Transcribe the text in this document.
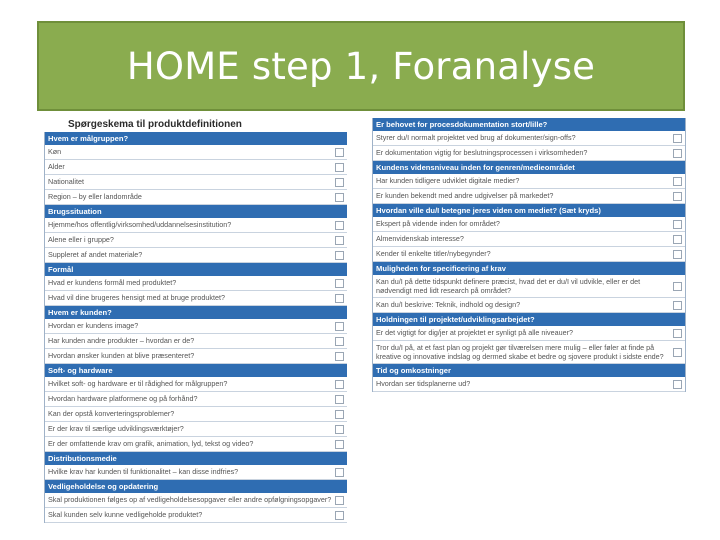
HOME step 1, Foranalyse
Spørgeskema til produktdefinitionen
Hvem er målgruppen?
Køn
Alder
Nationalitet
Region – by eller landområde
Brugssituation
Hjemme/hos offentlig/virksomhed/uddannelsesinstitution?
Alene eller i gruppe?
Suppleret af andet materiale?
Formål
Hvad er kundens formål med produktet?
Hvad vil dine brugeres hensigt med at bruge produktet?
Hvem er kunden?
Hvordan er kundens image?
Har kunden andre produkter – hvordan er de?
Hvordan ønsker kunden at blive præsenteret?
Soft- og hardware
Hvilket soft- og hardware er til rådighed for målgruppen?
Hvordan hardware platformene og på forhånd?
Kan der opstå konverteringsproblemer?
Er der krav til særlige udviklingsværktøjer?
Er der omfattende krav om grafik, animation, lyd, tekst og video?
Distributionsmedie
Hvilke krav har kunden til funktionalitet – kan disse indfries?
Vedligeholdelse og opdatering
Skal produktionen følges op af vedligeholdelsesopgaver eller andre opfølgningsopgaver?
Skal kunden selv kunne vedligeholde produktet?
Er behovet for procesdokumentation stort/lille?
Styrer du/I normalt projektet ved brug af dokumenter/sign-offs?
Er dokumentation vigtig for beslutningsprocessen i virksomheden?
Kundens vidensniveau inden for genren/medieområdet
Har kunden tidligere udviklet digitale medier?
Er kunden bekendt med andre udgivelser på markedet?
Hvordan ville du/I betegne jeres viden om mediet? (Sæt kryds)
Ekspert på vidende inden for området?
Almenvidenskab interesse?
Kender til enkelte titler/nybegynder?
Muligheden for specificering af krav
Kan du/I på dette tidspunkt definere præcist, hvad det er du/I vil udvikle, eller er det nødvendigt med lidt research på området?
Kan du/I beskrive: Teknik, indhold og design?
Holdningen til projektet/udviklingsarbejdet?
Er det vigtigt for dig/jer at projektet er synligt på alle niveauer?
Tror du/I på, at et fast plan og projekt gør tilværelsen mere mulig – eller føler at finde på kreative og innovative indslag og dermed skabe et bedre og sjovere produkt i sidste ende?
Tid og omkostninger
Hvordan ser tidsplanerne ud?
